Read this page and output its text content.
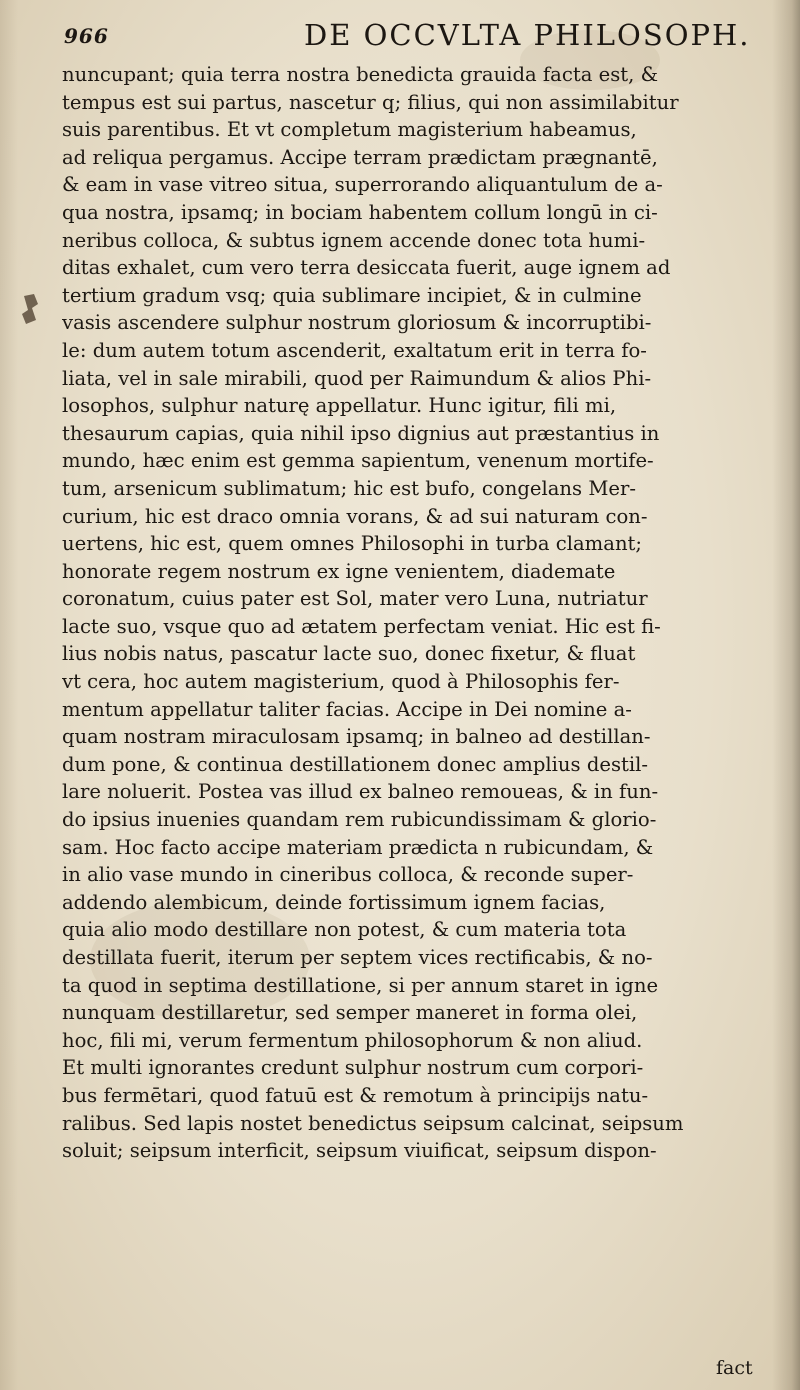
966	DE OCCVLTA PHILOSOPH.
nuncupant; quia terra nostra benedicta grauida facta est, &
tempus est sui partus, nascetur q; filius, qui non assimilabitur
suis parentibus. Et vt completum magisterium habeamus,
ad reliqua pergamus. Accipe terram prædictam prægnantē,
& eam in vase vitreo situa, superrorando aliquantulum de a-
qua nostra, ipsamq; in bociam habentem collum longū in ci-
neribus colloca, & subtus ignem accende donec tota humi-
ditas exhalet, cum vero terra desiccata fuerit, auge ignem ad
tertium gradum vsq; quia sublimare incipiet, & in culmine
vasis ascendere sulphur nostrum gloriosum & incorruptibi-
le: dum autem totum ascenderit, exaltatum erit in terra fo-
liata, vel in sale mirabili, quod per Raimundum & alios Phi-
losophos, sulphur naturę appellatur. Hunc igitur, fili mi,
thesaurum capias, quia nihil ipso dignius aut præstantius in
mundo, hæc enim est gemma sapientum, venenum mortife-
tum, arsenicum sublimatum; hic est bufo, congelans Mer-
curium, hic est draco omnia vorans, & ad sui naturam con-
uertens, hic est, quem omnes Philosophi in turba clamant;
honorate regem nostrum ex igne venientem, diademate
coronatum, cuius pater est Sol, mater vero Luna, nutriatur
lacte suo, vsque quo ad ætatem perfectam veniat. Hic est fi-
lius nobis natus, pascatur lacte suo, donec fixetur, & fluat
vt cera, hoc autem magisterium, quod à Philosophis fer-
mentum appellatur taliter facias. Accipe in Dei nomine a-
quam nostram miraculosam ipsamq; in balneo ad destillan-
dum pone, & continua destillationem donec amplius destil-
lare noluerit. Postea vas illud ex balneo remoueas, & in fun-
do ipsius inuenies quandam rem rubicundissimam & glorio-
sam. Hoc facto accipe materiam prædicta n rubicundam, &
in alio vase mundo in cineribus colloca, & reconde super-
addendo alembicum, deinde fortissimum ignem facias,
quia alio modo destillare non potest, & cum materia tota
destillata fuerit, iterum per septem vices rectificabis, & no-
ta quod in septima destillatione, si per annum staret in igne
nunquam destillaretur, sed semper maneret in forma olei,
hoc, fili mi, verum fermentum philosophorum & non aliud.
Et multi ignorantes credunt sulphur nostrum cum corpori-
bus fermētari, quod fatuū est & remotum à principijs natu-
ralibus. Sed lapis nostet benedictus seipsum calcinat, seipsum
soluit; seipsum interficit, seipsum viuificat, seipsum dispon-
fact
